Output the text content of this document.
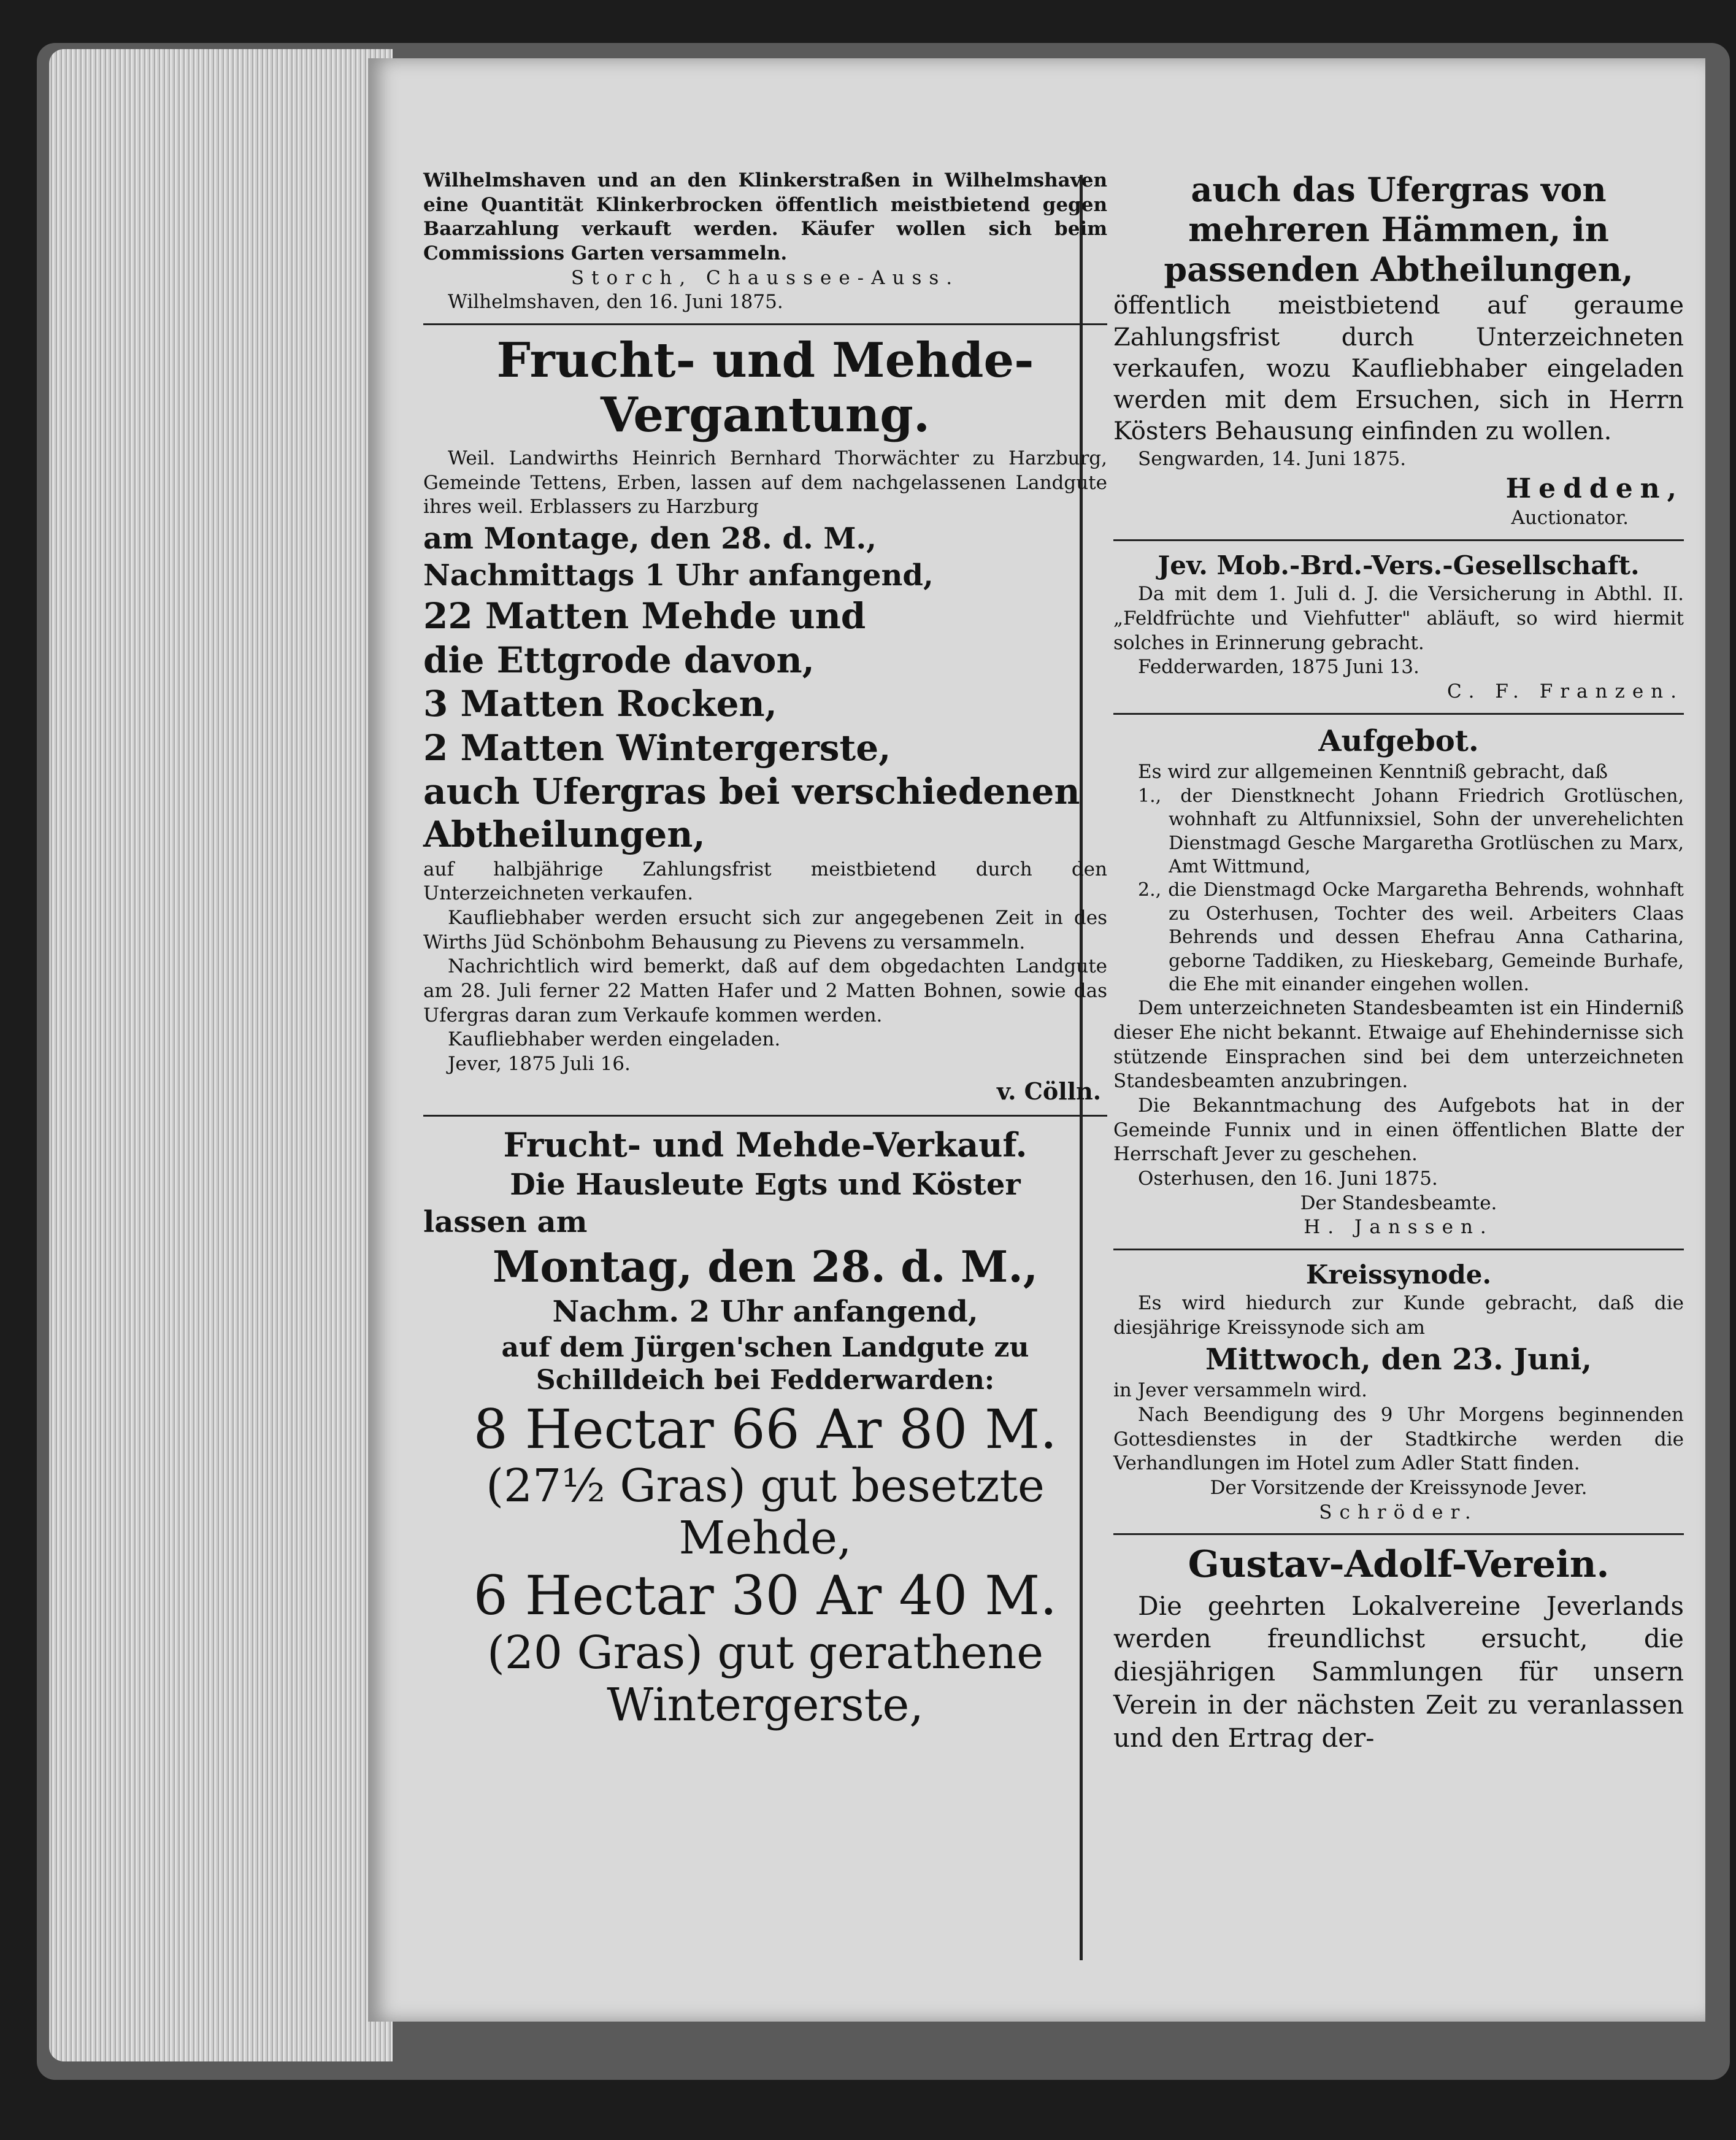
Wilhelmshaven und an den Klinkerstraßen in Wilhelmshaven eine Quantität Klinkerbrocken öffentlich meistbietend gegen Baarzahlung verkauft werden. Käufer wollen sich beim Commissions Garten versammeln.

Storch, Chaussee-Auss.

Wilhelmshaven, den 16. Juni 1875.

Frucht- und Mehde-Vergantung.

Weil. Landwirths Heinrich Bernhard Thorwächter zu Harzburg, Gemeinde Tettens, Erben, lassen auf dem nachgelassenen Landgute ihres weil. Erblassers zu Harzburg

am Montage, den 28. d. M.,
Nachmittags 1 Uhr anfangend,
22 Matten Mehde und
die Ettgrode davon,
3 Matten Rocken,
2 Matten Wintergerste,
auch Ufergras bei verschiedenen Abtheilungen,

auf halbjährige Zahlungsfrist meistbietend durch den Unterzeichneten verkaufen.

Kaufliebhaber werden ersucht sich zur angegebenen Zeit in des Wirths Jüd Schönbohm Behausung zu Pievens zu versammeln.

Nachrichtlich wird bemerkt, daß auf dem obgedachten Landgute am 28. Juli ferner 22 Matten Hafer und 2 Matten Bohnen, sowie das Ufergras daran zum Verkaufe kommen werden.

Kaufliebhaber werden eingeladen.

Jever, 1875 Juli 16.

v. Cölln.

Frucht- und Mehde-Verkauf.
Die Hausleute Egts und Köster
lassen am
Montag, den 28. d. M.,
Nachm. 2 Uhr anfangend,
auf dem Jürgen'schen Landgute zu Schilldeich bei Fedderwarden:
8 Hectar 66 Ar 80 M.
(27½ Gras) gut besetzte
Mehde,
6 Hectar 30 Ar 40 M.
(20 Gras) gut gerathene
Wintergerste,
auch das Ufergras von mehreren Hämmen, in passenden Abtheilungen,

öffentlich meistbietend auf geraume Zahlungsfrist durch Unterzeichneten verkaufen, wozu Kaufliebhaber eingeladen werden mit dem Ersuchen, sich in Herrn Kösters Behausung einfinden zu wollen.

Sengwarden, 14. Juni 1875.

Hedden,

Auctionator.

Jev. Mob.-Brd.-Vers.-Gesellschaft.

Da mit dem 1. Juli d. J. die Versicherung in Abthl. II. „Feldfrüchte und Viehfutter" abläuft, so wird hiermit solches in Erinnerung gebracht.

Fedderwarden, 1875 Juni 13.

C. F. Franzen.

Aufgebot.

Es wird zur allgemeinen Kenntniß gebracht, daß

1., der Dienstknecht Johann Friedrich Grotlüschen, wohnhaft zu Altfunnixsiel, Sohn der unverehelichten Dienstmagd Gesche Margaretha Grotlüschen zu Marx, Amt Wittmund,
2., die Dienstmagd Ocke Margaretha Behrends, wohnhaft zu Osterhusen, Tochter des weil. Arbeiters Claas Behrends und dessen Ehefrau Anna Catharina, geborne Taddiken, zu Hieskebarg, Gemeinde Burhafe, die Ehe mit einander eingehen wollen.

Dem unterzeichneten Standesbeamten ist ein Hinderniß dieser Ehe nicht bekannt. Etwaige auf Ehehindernisse sich stützende Einsprachen sind bei dem unterzeichneten Standesbeamten anzubringen.

Die Bekanntmachung des Aufgebots hat in der Gemeinde Funnix und in einen öffentlichen Blatte der Herrschaft Jever zu geschehen.

Osterhusen, den 16. Juni 1875.

Der Standesbeamte.

H. Janssen.

Kreissynode.

Es wird hiedurch zur Kunde gebracht, daß die diesjährige Kreissynode sich am

Mittwoch, den 23. Juni,

in Jever versammeln wird.

Nach Beendigung des 9 Uhr Morgens beginnenden Gottesdienstes in der Stadtkirche werden die Verhandlungen im Hotel zum Adler Statt finden.

Der Vorsitzende der Kreissynode Jever.

Schröder.

Gustav-Adolf-Verein.

Die geehrten Lokalvereine Jeverlands werden freundlichst ersucht, die diesjährigen Sammlungen für unsern Verein in der nächsten Zeit zu veranlassen und den Ertrag der-
